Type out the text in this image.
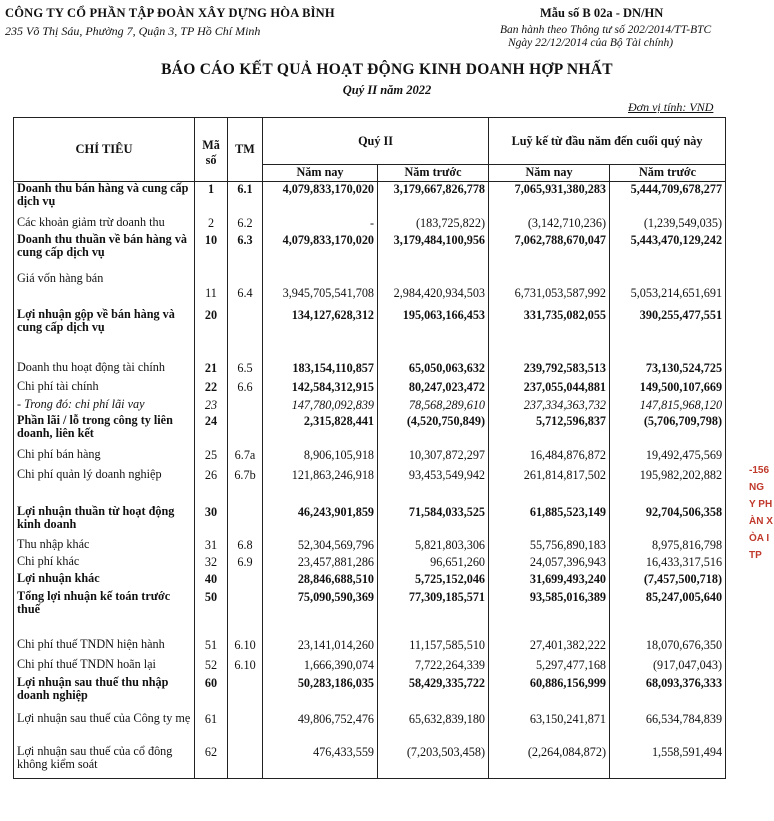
CÔNG TY CỔ PHẦN TẬP ĐOÀN XÂY DỰNG HÒA BÌNH
235 Võ Thị Sáu, Phường 7, Quận 3, TP Hồ Chí Minh
Mẫu số B 02a - DN/HN
Ban hành theo Thông tư số 202/2014/TT-BTC
Ngày 22/12/2014 của Bộ Tài chính)
BÁO CÁO KẾT QUẢ HOẠT ĐỘNG KINH DOANH HỢP NHẤT
Quý II năm 2022
Đơn vị tính: VND
CHỈ TIÊU	Mã số	TM	Quý II		Luỹ kế từ đầu năm đến cuối quý này	
			Năm nay	Năm trước	Năm nay	Năm trước
Doanh thu bán hàng và cung cấp dịch vụ	1	6.1	4,079,833,170,020	3,179,667,826,778	7,065,931,380,283	5,444,709,678,277
Các khoản giảm trừ doanh thu	2	6.2	-	(183,725,822)	(3,142,710,236)	(1,239,549,035)
Doanh thu thuần về bán hàng và cung cấp dịch vụ	10	6.3	4,079,833,170,020	3,179,484,100,956	7,062,788,670,047	5,443,470,129,242
Giá vốn hàng bán	11	6.4	3,945,705,541,708	2,984,420,934,503	6,731,053,587,992	5,053,214,651,691
Lợi nhuận gộp về bán hàng và cung cấp dịch vụ	20		134,127,628,312	195,063,166,453	331,735,082,055	390,255,477,551
Doanh thu hoạt động tài chính	21	6.5	183,154,110,857	65,050,063,632	239,792,583,513	73,130,524,725
Chi phí tài chính	22	6.6	142,584,312,915	80,247,023,472	237,055,044,881	149,500,107,669
- Trong đó: chi phí lãi vay	23		147,780,092,839	78,568,289,610	237,334,363,732	147,815,968,120
Phần lãi / lỗ trong công ty liên doanh, liên kết	24		2,315,828,441	(4,520,750,849)	5,712,596,837	(5,706,709,798)
Chi phí bán hàng	25	6.7a	8,906,105,918	10,307,872,297	16,484,876,872	19,492,475,569
Chi phí quản lý doanh nghiệp	26	6.7b	121,863,246,918	93,453,549,942	261,814,817,502	195,982,202,882
Lợi nhuận thuần từ hoạt động kinh doanh	30		46,243,901,859	71,584,033,525	61,885,523,149	92,704,506,358
Thu nhập khác	31	6.8	52,304,569,796	5,821,803,306	55,756,890,183	8,975,816,798
Chi phí khác	32	6.9	23,457,881,286	96,651,260	24,057,396,943	16,433,317,516
Lợi nhuận khác	40		28,846,688,510	5,725,152,046	31,699,493,240	(7,457,500,718)
Tổng lợi nhuận kế toán trước thuế	50		75,090,590,369	77,309,185,571	93,585,016,389	85,247,005,640
Chi phí thuế TNDN hiện hành	51	6.10	23,141,014,260	11,157,585,510	27,401,382,222	18,070,676,350
Chi phí thuế TNDN hoãn lại	52	6.10	1,666,390,074	7,722,264,339	5,297,477,168	(917,047,043)
Lợi nhuận sau thuế thu nhập doanh nghiệp	60		50,283,186,035	58,429,335,722	60,886,156,999	68,093,376,333
Lợi nhuận sau thuế của Công ty mẹ	61		49,806,752,476	65,632,839,180	63,150,241,871	66,534,784,839
Lợi nhuận sau thuế của cổ đông không kiểm soát	62		476,433,559	(7,203,503,458)	(2,264,084,872)	1,558,591,494
-156
NG
Y PH
ÀN X
ÒA I
TP
